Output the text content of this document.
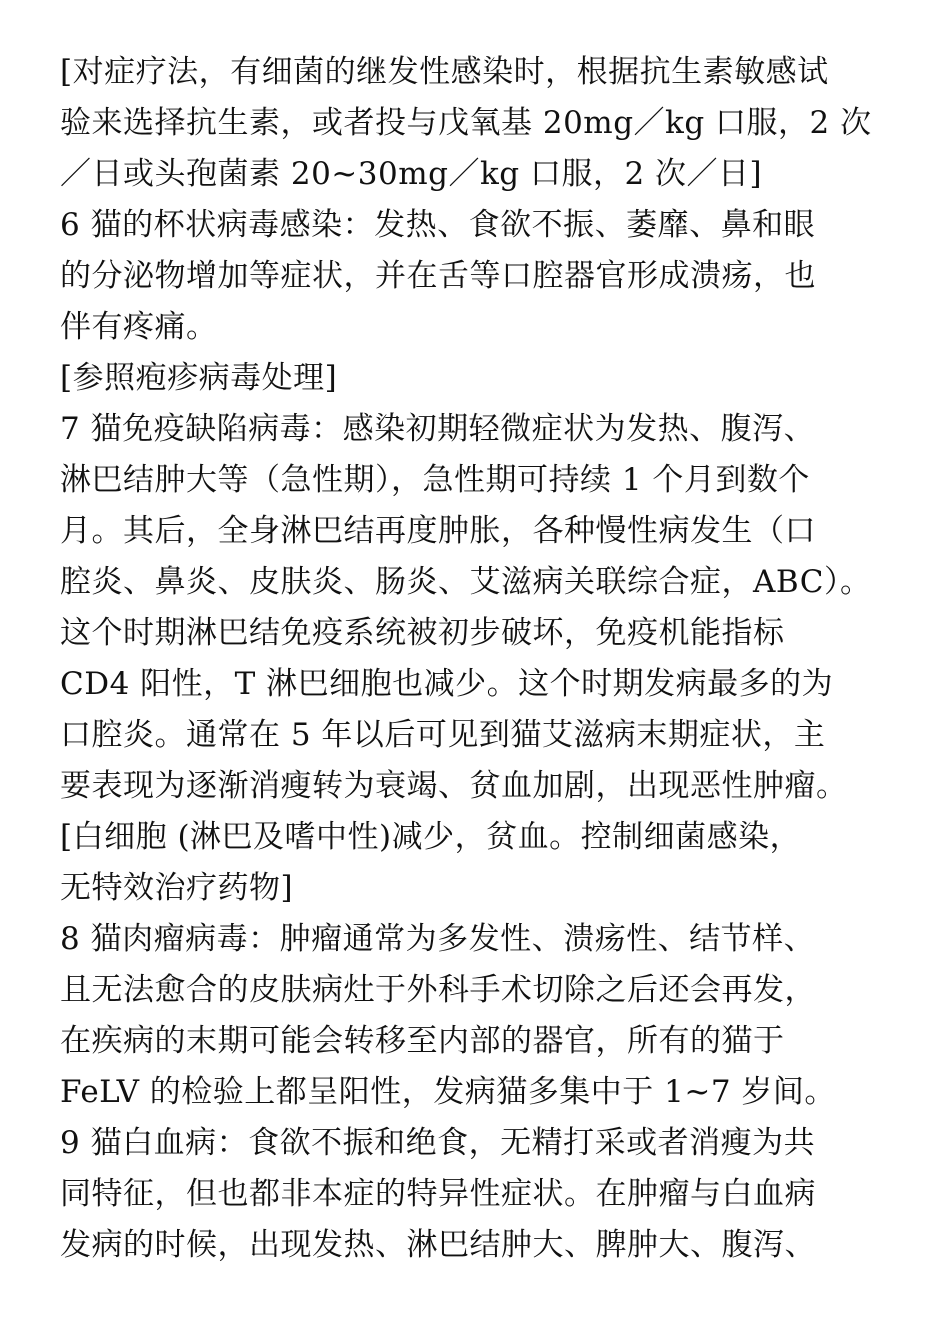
[对症疗法，有细菌的继发性感染时，根据抗生素敏感试
验来选择抗生素，或者投与戊氧基 20mg／kg 口服，2 次
／日或头孢菌素 20~30mg／kg 口服，2 次／日]
6 猫的杯状病毒感染：发热、食欲不振、萎靡、鼻和眼
的分泌物增加等症状，并在舌等口腔器官形成溃疡，也
伴有疼痛。
[参照疱疹病毒处理]
7 猫免疫缺陷病毒：感染初期轻微症状为发热、腹泻、
淋巴结肿大等（急性期），急性期可持续 1 个月到数个
月。其后，全身淋巴结再度肿胀，各种慢性病发生（口
腔炎、鼻炎、皮肤炎、肠炎、艾滋病关联综合症，ABC）。
这个时期淋巴结免疫系统被初步破坏，免疫机能指标
CD4 阳性，T 淋巴细胞也减少。这个时期发病最多的为
口腔炎。通常在 5 年以后可见到猫艾滋病末期症状，主
要表现为逐渐消瘦转为衰竭、贫血加剧，出现恶性肿瘤。
[白细胞 (淋巴及嗜中性)减少，贫血。控制细菌感染，
无特效治疗药物]
8 猫肉瘤病毒：肿瘤通常为多发性、溃疡性、结节样、
且无法愈合的皮肤病灶于外科手术切除之后还会再发，
在疾病的末期可能会转移至内部的器官，所有的猫于
FeLV 的检验上都呈阳性，发病猫多集中于 1~7 岁间。
9 猫白血病：食欲不振和绝食，无精打采或者消瘦为共
同特征，但也都非本症的特异性症状。在肿瘤与白血病
发病的时候，出现发热、淋巴结肿大、脾肿大、腹泻、
